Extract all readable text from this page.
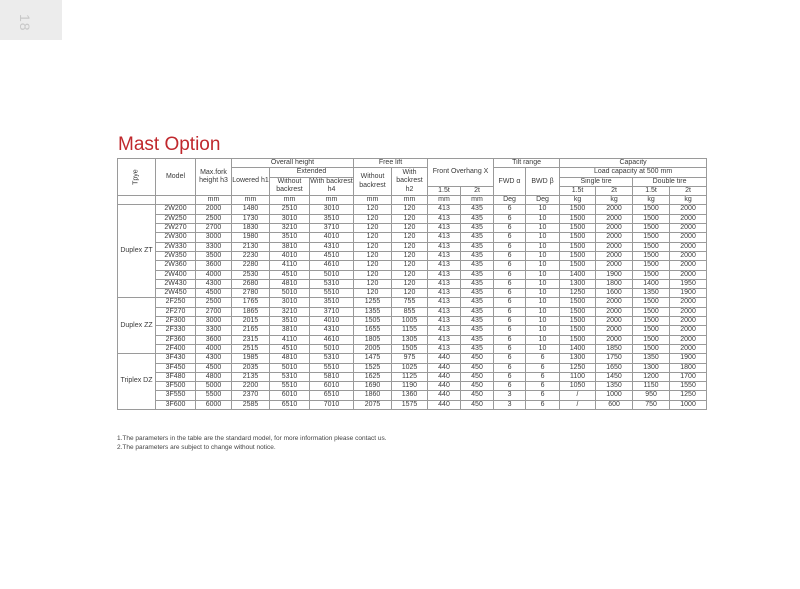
18
Mast Option
Tpye	Model	Max.fork height h3	Overall height			Free lift		Front Overhang X		Tilt range		Capacity			
			Lowered h1	Extended		Without backrest	With backrest h2			FWD α	BWD β	Load capacity at 500 mm			
				Without backrest	With backrest h4							Single tire		Double tire	
								1.5t	2t			1.5t	2t	1.5t	2t
		mm	mm	mm	mm	mm	mm	mm	mm	Deg	Deg	kg	kg	kg	kg
Duplex ZT	2W200	2000	1480	2510	3010	120	120	413	435	6	10	1500	2000	1500	2000
	2W250	2500	1730	3010	3510	120	120	413	435	6	10	1500	2000	1500	2000
	2W270	2700	1830	3210	3710	120	120	413	435	6	10	1500	2000	1500	2000
	2W300	3000	1980	3510	4010	120	120	413	435	6	10	1500	2000	1500	2000
	2W330	3300	2130	3810	4310	120	120	413	435	6	10	1500	2000	1500	2000
	2W350	3500	2230	4010	4510	120	120	413	435	6	10	1500	2000	1500	2000
	2W360	3600	2280	4110	4610	120	120	413	435	6	10	1500	2000	1500	2000
	2W400	4000	2530	4510	5010	120	120	413	435	6	10	1400	1900	1500	2000
	2W430	4300	2680	4810	5310	120	120	413	435	6	10	1300	1800	1400	1950
	2W450	4500	2780	5010	5510	120	120	413	435	6	10	1250	1600	1350	1900
Duplex ZZ	2F250	2500	1765	3010	3510	1255	755	413	435	6	10	1500	2000	1500	2000
	2F270	2700	1865	3210	3710	1355	855	413	435	6	10	1500	2000	1500	2000
	2F300	3000	2015	3510	4010	1505	1005	413	435	6	10	1500	2000	1500	2000
	2F330	3300	2165	3810	4310	1655	1155	413	435	6	10	1500	2000	1500	2000
	2F360	3600	2315	4110	4610	1805	1305	413	435	6	10	1500	2000	1500	2000
	2F400	4000	2515	4510	5010	2005	1505	413	435	6	10	1400	1850	1500	2000
Triplex DZ	3F430	4300	1985	4810	5310	1475	975	440	450	6	6	1300	1750	1350	1900
	3F450	4500	2035	5010	5510	1525	1025	440	450	6	6	1250	1650	1300	1800
	3F480	4800	2135	5310	5810	1625	1125	440	450	6	6	1100	1450	1200	1700
	3F500	5000	2200	5510	6010	1690	1190	440	450	6	6	1050	1350	1150	1550
	3F550	5500	2370	6010	6510	1860	1360	440	450	3	6	/	1000	950	1250
	3F600	6000	2585	6510	7010	2075	1575	440	450	3	6	/	600	750	1000
1.The parameters in the table are the standard model, for more information please contact us.
2.The parameters are subject to change without notice.
